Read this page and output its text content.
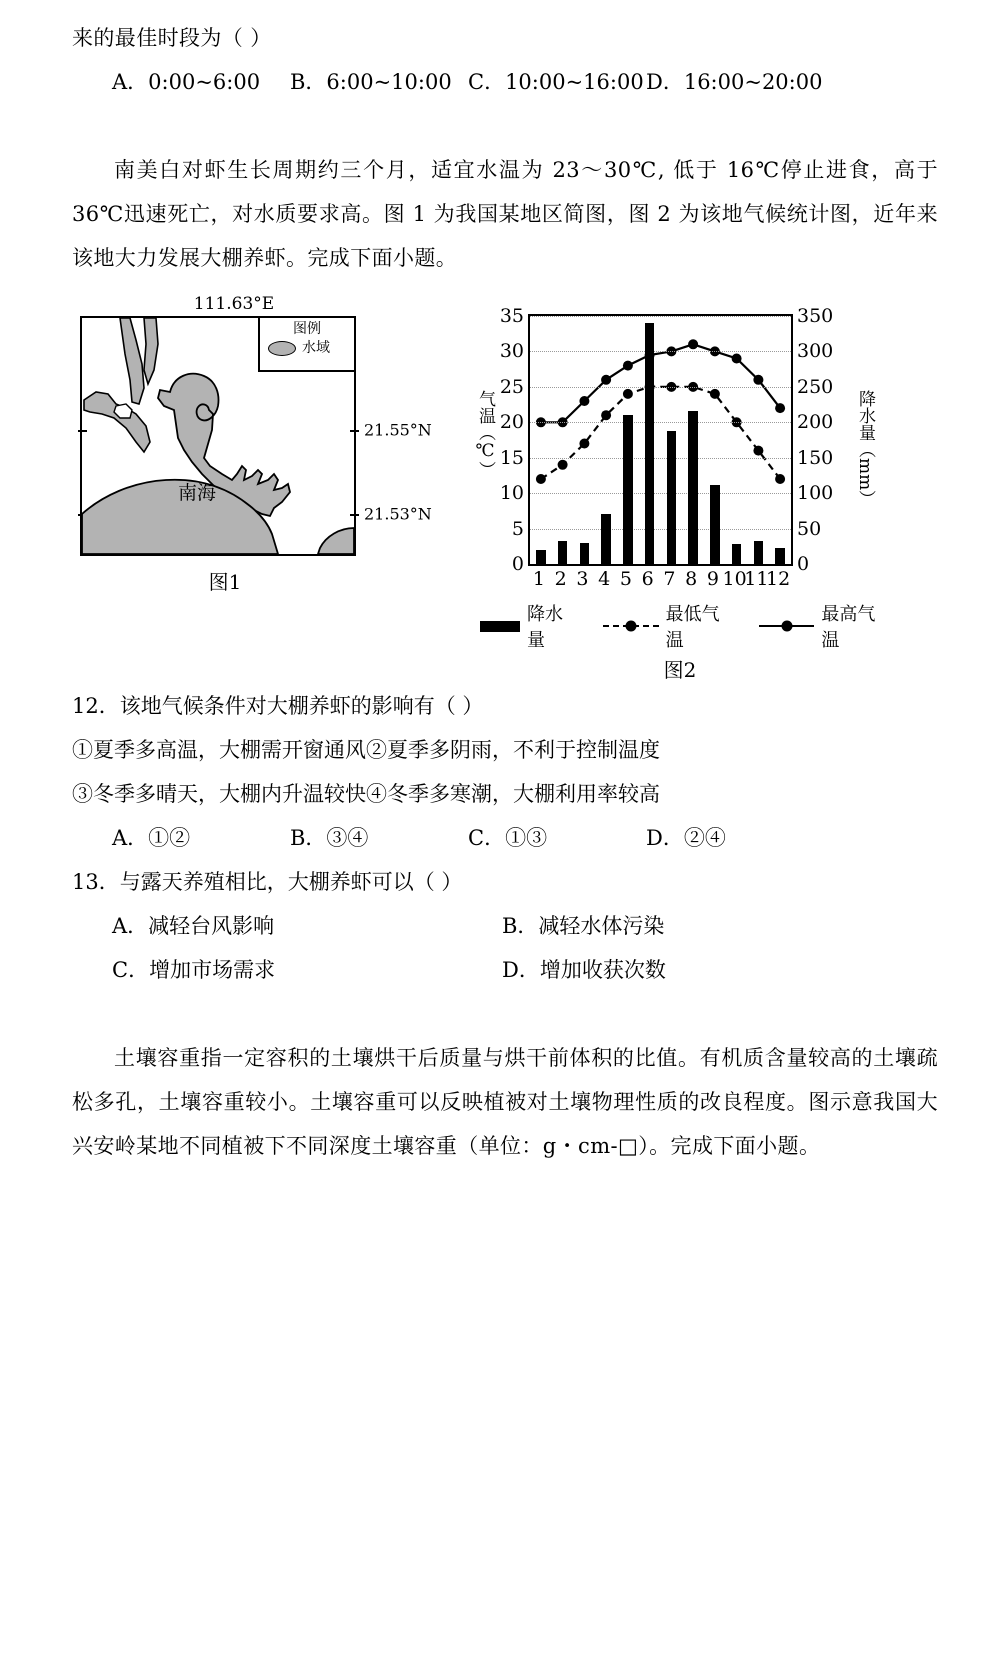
来的最佳时段为（ ）

A．0:00~6:00	B．6:00~10:00 C．10:00~16:00 D．16:00~20:00

南美白对虾生长周期约三个月，适宜水温为 23～30℃, 低于 16℃停止进食，高于 36℃迅速死亡，对水质要求高。图 1 为我国某地区简图，图 2 为该地气候统计图，近年来该地大力发展大棚养虾。完成下面小题。

111.63°E
21.55°N
21.53°N
南海
图例
水域
图1
气温（℃）	降水量（mm）
0	0
5	50
10	100
15	150
20	200
25	250
30	300
35	350
1 2 3 4 5 6 7 8 9 10
11
12
降水量
最低气温
最高气温
图2
12．该地气候条件对大棚养虾的影响有（ ）
①夏季多高温，大棚需开窗通风②夏季多阴雨，不利于控制温度
③冬季多晴天，大棚内升温较快④冬季多寒潮，大棚利用率较高
A．①②	B．③④	C．①③	D．②④
13．与露天养殖相比，大棚养虾可以（ ）
A．减轻台风影响	B．减轻水体污染
C．增加市场需求	D．增加收获次数

土壤容重指一定容积的土壤烘干后质量与烘干前体积的比值。有机质含量较高的土壤疏松多孔，土壤容重较小。土壤容重可以反映植被对土壤物理性质的改良程度。图示意我国大兴安岭某地不同植被下不同深度土壤容重（单位：g・cm-□）。完成下面小题。
